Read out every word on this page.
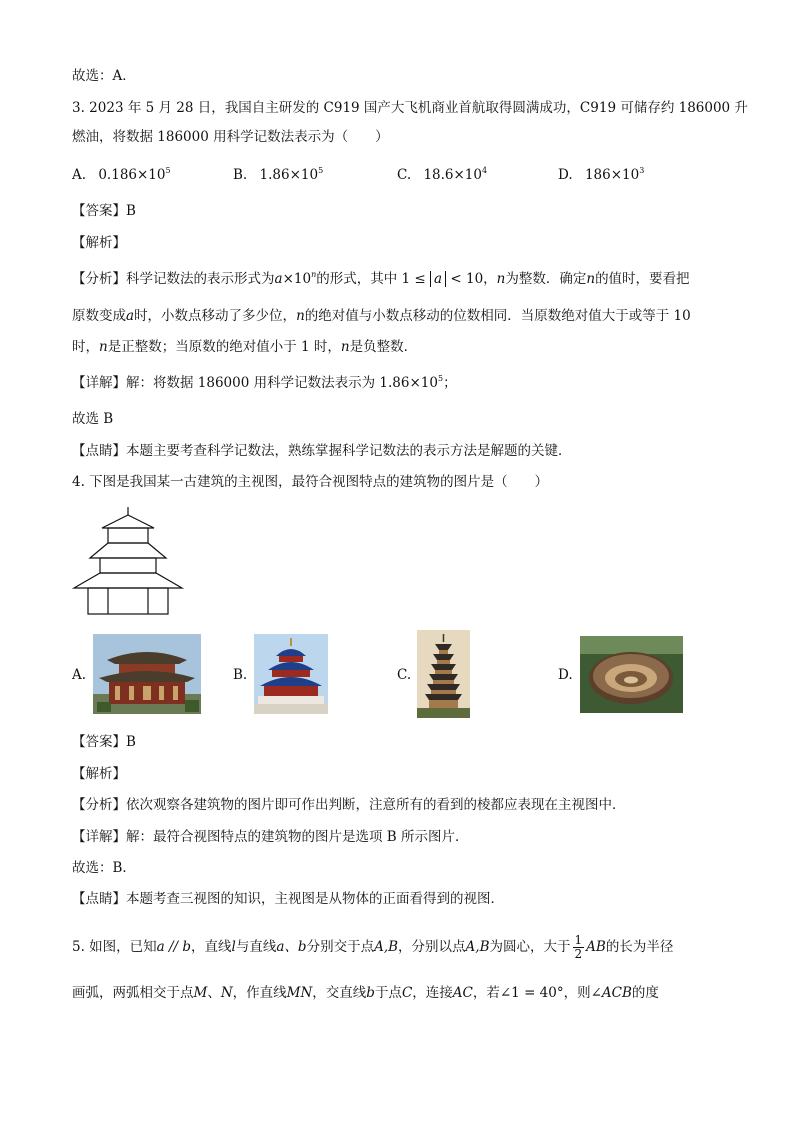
故选：A．
3. 2023 年 5 月 28 日，我国自主研发的 C919 国产大飞机商业首航取得圆满成功，C919 可储存约 186000 升
燃油，将数据 186000 用科学记数法表示为（　　）
A. $0.186\times 10^5$	B. $1.86\times 10^5$	C. $18.6\times 10^4$	D. $186\times 10^3$
【答案】B
【解析】
【分析】科学记数法的表示形式为$a\times 10^n$的形式，其中 1 ≤ a < 10，n为整数．确定n的值时，要看把
原数变成a时，小数点移动了多少位，n的绝对值与小数点移动的位数相同．当原数绝对值大于或等于 10
时，n是正整数；当原数的绝对值小于 1 时，n是负整数．
【详解】解：将数据 186000 用科学记数法表示为 $1.86\times 10^5$；
故选 B
【点睛】本题主要考查科学记数法，熟练掌握科学记数法的表示方法是解题的关键．
4. 下图是我国某一古建筑的主视图，最符合视图特点的建筑物的图片是（　　）
A.	B.	C.	D.
【答案】B
【解析】
【分析】依次观察各建筑物的图片即可作出判断，注意所有的看到的棱都应表现在主视图中．
【详解】解：最符合视图特点的建筑物的图片是选项 B 所示图片．
故选：B．
【点睛】本题考查三视图的知识，主视图是从物体的正面看得到的视图．
5. 如图，已知a // b，直线l与直线a、b分别交于点A,B，分别以点A,B为圆心，大于 $\frac{1}{2}$ AB的长为半径
画弧，两弧相交于点M、N，作直线MN，交直线b于点C，连接AC，若∠1 = 40°，则∠ACB的度
